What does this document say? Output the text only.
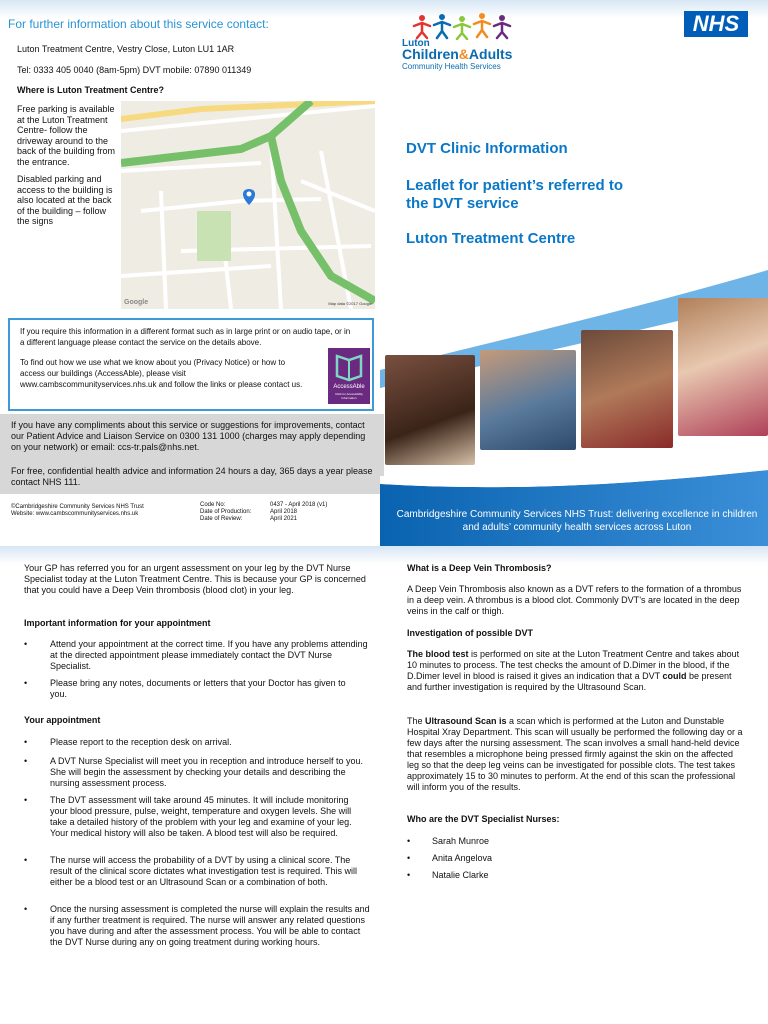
For further information about this service contact:
Luton Treatment Centre, Vestry Close, Luton LU1 1AR
Tel: 0333 405 0040 (8am-5pm) DVT mobile: 07890 011349
Where is Luton Treatment Centre?
Free parking is available at the Luton Treatment Centre- follow the driveway around to the back of the building from the entrance.
Disabled parking and access to the building is also located at the back of the building – follow the signs
Google	Map data ©2017 Google
If you require this information in a different format such as in large print or on audio tape, or in a different language please contact the service on the details above.
To find out how we use what we know about you (Privacy Notice) or how to access our buildings (AccessAble), please visit www.cambscommunityservices.nhs.uk and follow the links or please contact us.	AccessAble
Click for Accessibility Information
If you have any compliments about this service or suggestions for improvements, contact our Patient Advice and Liaison Service on 0300 131 1000 (charges may apply depending on your network) or email: ccs-tr.pals@nhs.net.
For free, confidential health advice and information 24 hours a day, 365 days a year please contact NHS 111.
©Cambridgeshire Community Services NHS Trust
Website: www.cambscommunityservices.nhs.uk
Code No:	0437 - April 2018 (v1)
Date of Production:	April 2018
Date of Review:	April 2021
Luton
Children&Adults
Community Health Services
NHS
DVT Clinic Information
Leaflet for patient’s referred to the DVT service
Luton Treatment Centre
Cambridgeshire Community Services NHS Trust: delivering excellence in children and adults’ community health services across Luton
Your GP has referred you for an urgent assessment on your leg by the DVT Nurse Specialist today at the Luton Treatment Centre. This is because your GP is concerned that you could have a Deep Vein thrombosis (blood clot) in your leg.
Important information for your appointment
•	Attend your appointment at the correct time. If you have any problems attending at the directed appointment please immediately contact the DVT Nurse Specialist.
•	Please bring any notes, documents or letters that your Doctor has given to you.
Your appointment
•	Please report to the reception desk on arrival.
•	A DVT Nurse Specialist will meet you in reception and introduce herself to you. She will begin the assessment by checking your details and describing the nursing assessment process.
•	The DVT assessment will take around 45 minutes. It will include monitoring your blood pressure, pulse, weight, temperature and oxygen levels. She will take a detailed history of the problem with your leg and examine of your leg. Your medical history will also be taken. A blood test will also be required.
•	The nurse will access the probability of a DVT by using a clinical score. The result of the clinical score dictates what investigation test is required. This will either be a blood test or an Ultrasound Scan or a combination of both.
•	Once the nursing assessment is completed the nurse will explain the results and if any further treatment is required. The nurse will answer any related questions you have during and after the assessment process. You will be able to contact the DVT Nurse during any on going treatment during working hours.
What is a Deep Vein Thrombosis?
A Deep Vein Thrombosis also known as a DVT refers to the formation of a thrombus in a deep vein. A thrombus is a blood clot. Commonly DVT’s are located in the deep veins in the calf or thigh.
Investigation of possible DVT
The blood test is performed on site at the Luton Treatment Centre and takes about 10 minutes to process. The test checks the amount of D.Dimer in the blood, if the D.Dimer level in blood is raised it gives an indication that a DVT could be present and further investigation is required by the Ultrasound Scan.
The Ultrasound Scan is a scan which is performed at the Luton and Dunstable Hospital Xray Department. This scan will usually be performed the following day or a few days after the nursing assessment. The scan involves a small hand-held device that resembles a microphone being pressed firmly against the skin on the affected leg so that the deep leg veins can be investigated for possible clots. The test takes approximately 15 to 30 minutes to perform. At the end of this scan the professional will inform you of the results.
Who are the DVT Specialist Nurses:
• Sarah Munroe
• Anita Angelova
• Natalie Clarke
